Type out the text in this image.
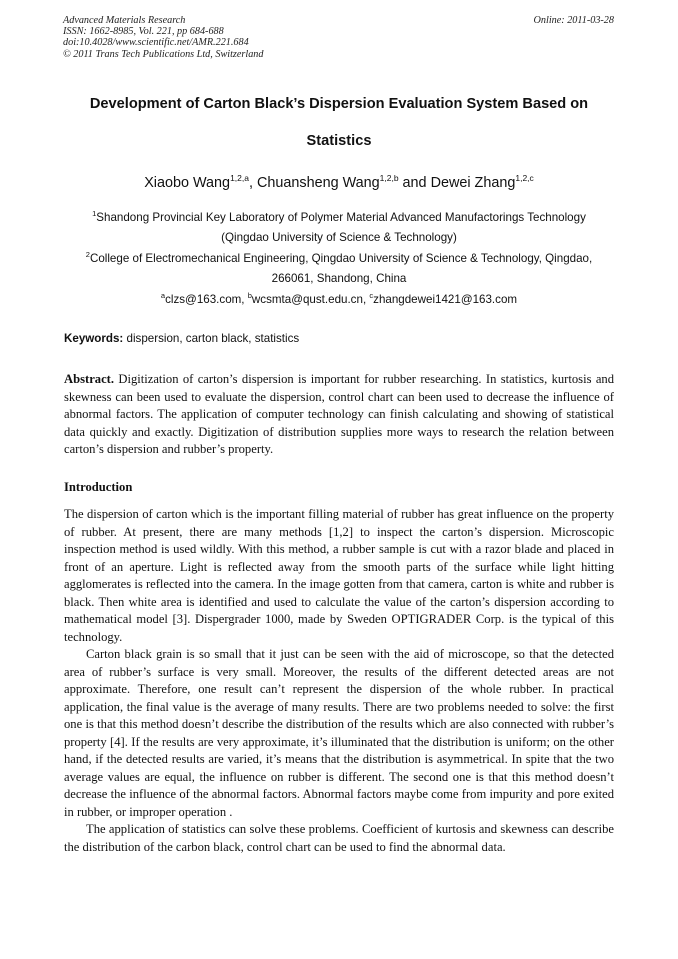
Advanced Materials Research
ISSN: 1662-8985, Vol. 221, pp 684-688
doi:10.4028/www.scientific.net/AMR.221.684
© 2011 Trans Tech Publications Ltd, Switzerland
Online: 2011-03-28
Development of Carton Black’s Dispersion Evaluation System Based on
Statistics
Xiaobo Wang$^{1,2,a}$, Chuansheng Wang$^{1,2,b}$ and Dewei Zhang$^{1,2,c}$
$^1$Shandong Provincial Key Laboratory of Polymer Material Advanced Manufactorings Technology
(Qingdao University of Science & Technology)
$^2$College of Electromechanical Engineering, Qingdao University of Science & Technology, Qingdao,
266061, Shandong, China
$^a$clzs@163.com, $^b$wcsmta@qust.edu.cn, $^c$zhangdewei1421@163.com
Keywords: dispersion, carton black, statistics
Abstract. Digitization of carton’s dispersion is important for rubber researching. In statistics, kurtosis and skewness can been used to evaluate the dispersion, control chart can been used to decrease the influence of abnormal factors. The application of computer technology can finish calculating and showing of statistical data quickly and exactly. Digitization of distribution supplies more ways to research the relation between carton’s dispersion and rubber’s property.
Introduction

The dispersion of carton which is the important filling material of rubber has great influence on the property of rubber. At present, there are many methods [1,2] to inspect the carton’s dispersion. Microscopic inspection method is used wildly. With this method, a rubber sample is cut with a razor blade and placed in front of an aperture. Light is reflected away from the smooth parts of the surface while light hitting agglomerates is reflected into the camera. In the image gotten from that camera, carton is white and rubber is black. Then white area is identified and used to calculate the value of the carton’s dispersion according to mathematical model [3]. Dispergrader 1000, made by Sweden OPTIGRADER Corp. is the typical of this technology.

Carton black grain is so small that it just can be seen with the aid of microscope, so that the detected area of rubber’s surface is very small. Moreover, the results of the different detected areas are not approximate. Therefore, one result can’t represent the dispersion of the whole rubber. In practical application, the final value is the average of many results. There are two problems needed to solve: the first one is that this method doesn’t describe the distribution of the results which are also connected with rubber’s property [4]. If the results are very approximate, it’s illuminated that the distribution is uniform; on the other hand, if the detected results are varied, it’s means that the distribution is asymmetrical. In spite that the two average values are equal, the influence on rubber is different. The second one is that this method doesn’t decrease the influence of the abnormal factors. Abnormal factors maybe come from impurity and pore exited in rubber, or improper operation .

The application of statistics can solve these problems. Coefficient of kurtosis and skewness can describe the distribution of the carbon black, control chart can be used to find the abnormal data.
